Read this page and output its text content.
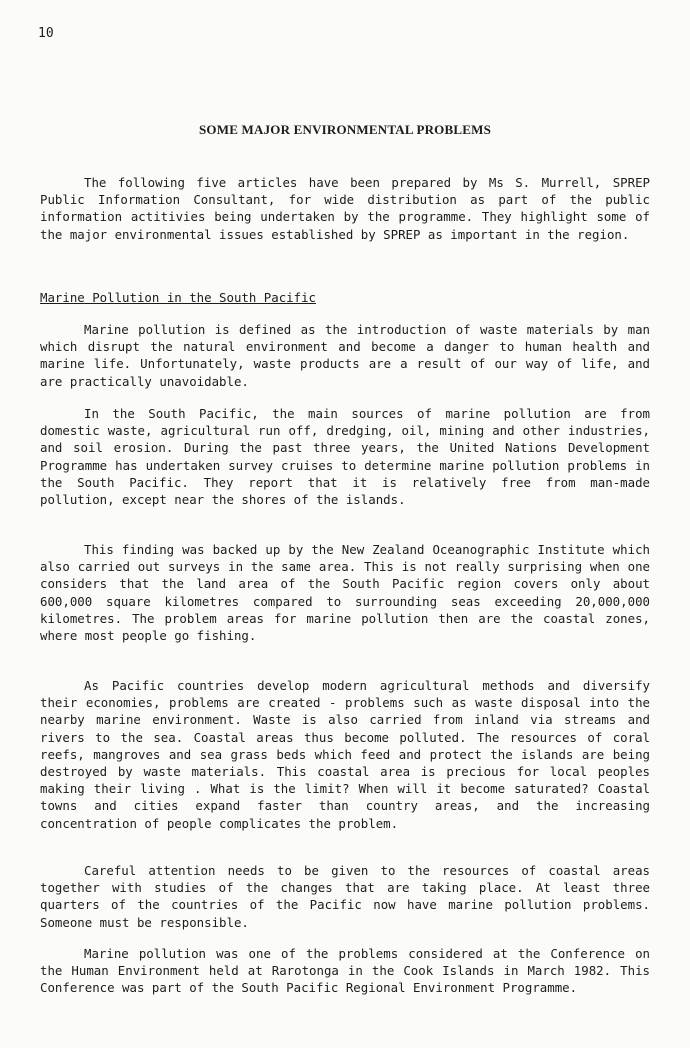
10
SOME MAJOR ENVIRONMENTAL PROBLEMS

The following five articles have been prepared by Ms S. Murrell, SPREP Public Information Consultant, for wide distribution as part of the public information actitivies being undertaken by the programme. They highlight some of the major environmental issues established by SPREP as important in the region.

Marine Pollution in the South Pacific

Marine pollution is defined as the introduction of waste materials by man which disrupt the natural environment and become a danger to human health and marine life. Unfortunately, waste products are a result of our way of life, and are practically unavoidable.

In the South Pacific, the main sources of marine pollution are from domestic waste, agricultural run off, dredging, oil, mining and other industries, and soil erosion. During the past three years, the United Nations Development Programme has undertaken survey cruises to determine marine pollution problems in the South Pacific. They report that it is relatively free from man-made pollution, except near the shores of the islands.

This finding was backed up by the New Zealand Oceanographic Institute which also carried out surveys in the same area. This is not really surprising when one considers that the land area of the South Pacific region covers only about 600,000 square kilometres compared to surrounding seas exceeding 20,000,000 kilometres. The problem areas for marine pollution then are the coastal zones, where most people go fishing.

As Pacific countries develop modern agricultural methods and diversify their economies, problems are created - problems such as waste disposal into the nearby marine environment. Waste is also carried from inland via streams and rivers to the sea. Coastal areas thus become polluted. The resources of coral reefs, mangroves and sea grass beds which feed and protect the islands are being destroyed by waste materials. This coastal area is precious for local peoples making their living . What is the limit? When will it become saturated? Coastal towns and cities expand faster than country areas, and the increasing concentration of people complicates the problem.

Careful attention needs to be given to the resources of coastal areas together with studies of the changes that are taking place. At least three quarters of the countries of the Pacific now have marine pollution problems. Someone must be responsible.

Marine pollution was one of the problems considered at the Conference on the Human Environment held at Rarotonga in the Cook Islands in March 1982. This Conference was part of the South Pacific Regional Environment Programme.
